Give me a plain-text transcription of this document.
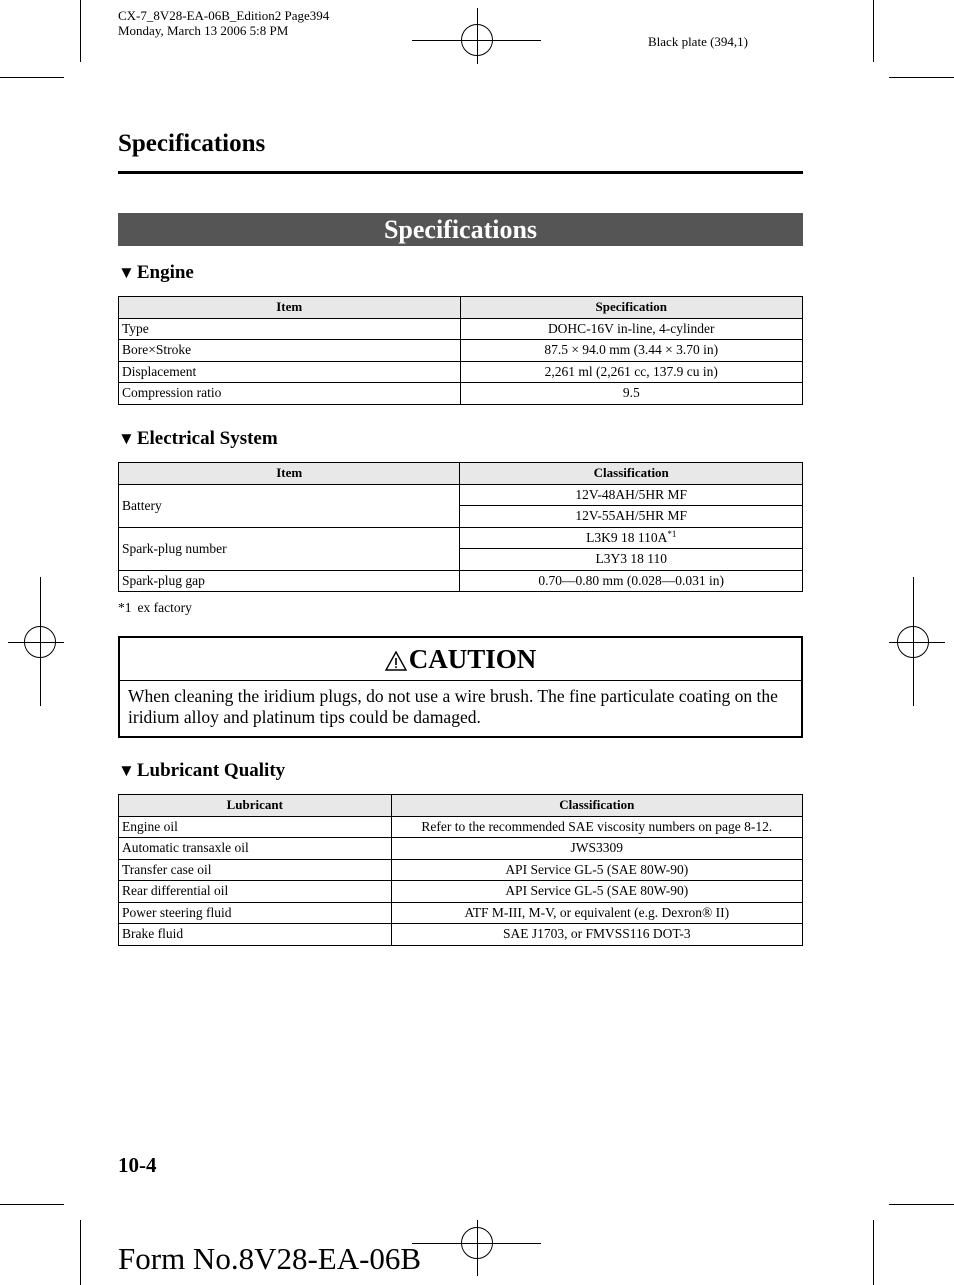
CX-7_8V28-EA-06B_Edition2 Page394
Monday, March 13 2006 5:8 PM
Black plate (394,1)
Specifications
Specifications
▼ Engine
Item	Specification
Type	DOHC-16V in-line, 4-cylinder
Bore×Stroke	87.5 × 94.0 mm (3.44 × 3.70 in)
Displacement	2,261 ml (2,261 cc, 137.9 cu in)
Compression ratio	9.5
▼ Electrical System
Item	Classification
Battery	12V-48AH/5HR MF
	12V-55AH/5HR MF
Spark-plug number	L3K9 18 $110A^{*1}$
	L3Y3 18 110
Spark-plug gap	0.70—0.80 mm (0.028—0.031 in)
*1 ex factory
CAUTION
When cleaning the iridium plugs, do not use a wire brush. The fine particulate coating on the iridium alloy and platinum tips could be damaged.
▼ Lubricant Quality
Lubricant	Classification
Engine oil	Refer to the recommended SAE viscosity numbers on page 8-12.
Automatic transaxle oil	JWS3309
Transfer case oil	API Service GL-5 (SAE 80W-90)
Rear differential oil	API Service GL-5 (SAE 80W-90)
Power steering fluid	ATF M-III, M-V, or equivalent (e.g. Dexron® II)
Brake fluid	SAE J1703, or FMVSS116 DOT-3
10-4
Form No.8V28-EA-06B
